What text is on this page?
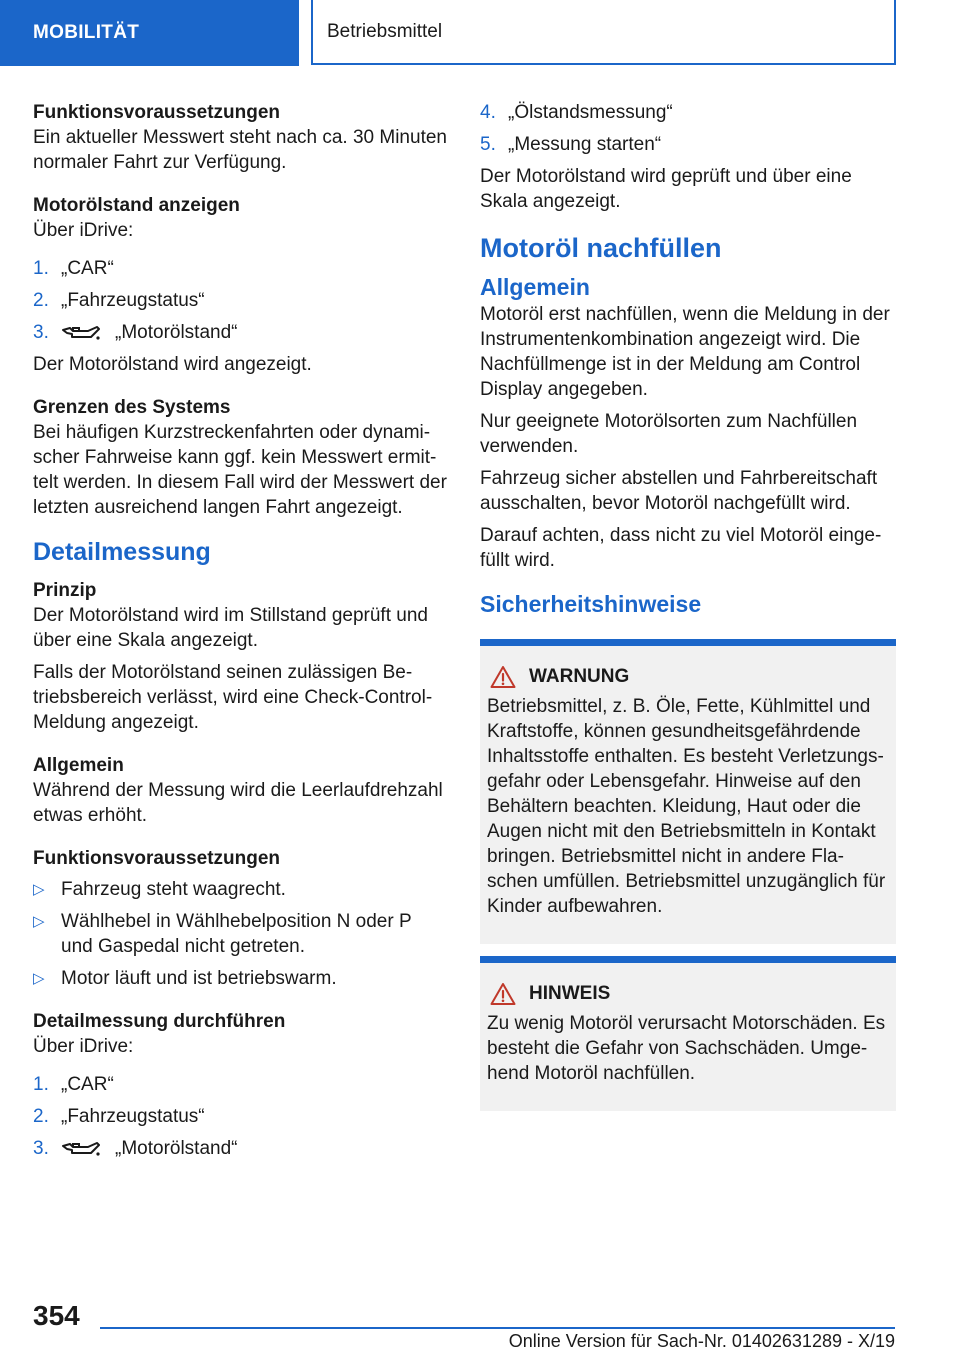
MOBILITÄT	Betriebsmittel

Funktionsvoraussetzungen

Ein aktueller Messwert steht nach ca. 30 Minuten normaler Fahrt zur Verfügung.

Motorölstand anzeigen

Über iDrive:

1. „CAR“
2. „Fahrzeugstatus“
3.	„Motorölstand“

Der Motorölstand wird angezeigt.

Grenzen des Systems

Bei häufigen Kurzstreckenfahrten oder dynamischer Fahrweise kann ggf. kein Messwert ermittelt werden. In diesem Fall wird der Messwert der letzten ausreichend langen Fahrt angezeigt.

Detailmessung

Prinzip

Der Motorölstand wird im Stillstand geprüft und über eine Skala angezeigt.

Falls der Motorölstand seinen zulässigen Betriebsbereich verlässt, wird eine Check-Control-Meldung angezeigt.

Allgemein

Während der Messung wird die Leerlaufdrehzahl etwas erhöht.

Funktionsvoraussetzungen

▷ Fahrzeug steht waagrecht.
▷ Wählhebel in Wählhebelposition N oder P und Gaspedal nicht getreten.
▷ Motor läuft und ist betriebswarm.

Detailmessung durchführen

Über iDrive:

1. „CAR“
2. „Fahrzeugstatus“
3.	„Motorölstand“
4. „Ölstandsmessung“
5. „Messung starten“

Der Motorölstand wird geprüft und über eine Skala angezeigt.

Motoröl nachfüllen
Allgemein

Motoröl erst nachfüllen, wenn die Meldung in der Instrumentenkombination angezeigt wird. Die Nachfüllmenge ist in der Meldung am Control Display angegeben.

Nur geeignete Motorölsorten zum Nachfüllen verwenden.

Fahrzeug sicher abstellen und Fahrbereitschaft ausschalten, bevor Motoröl nachgefüllt wird.

Darauf achten, dass nicht zu viel Motoröl eingefüllt wird.

Sicherheitshinweise
WARNUNG
Betriebsmittel, z. B. Öle, Fette, Kühlmittel und Kraftstoffe, können gesundheitsgefährdende Inhaltsstoffe enthalten. Es besteht Verletzungsgefahr oder Lebensgefahr. Hinweise auf den Behältern beachten. Kleidung, Haut oder die Augen nicht mit den Betriebsmitteln in Kontakt bringen. Betriebsmittel nicht in andere Flaschen umfüllen. Betriebsmittel unzugänglich für Kinder aufbewahren.
HINWEIS
Zu wenig Motoröl verursacht Motorschäden. Es besteht die Gefahr von Sachschäden. Umgehend Motoröl nachfüllen.
354
Online Version für Sach-Nr. 01402631289 - X/19
